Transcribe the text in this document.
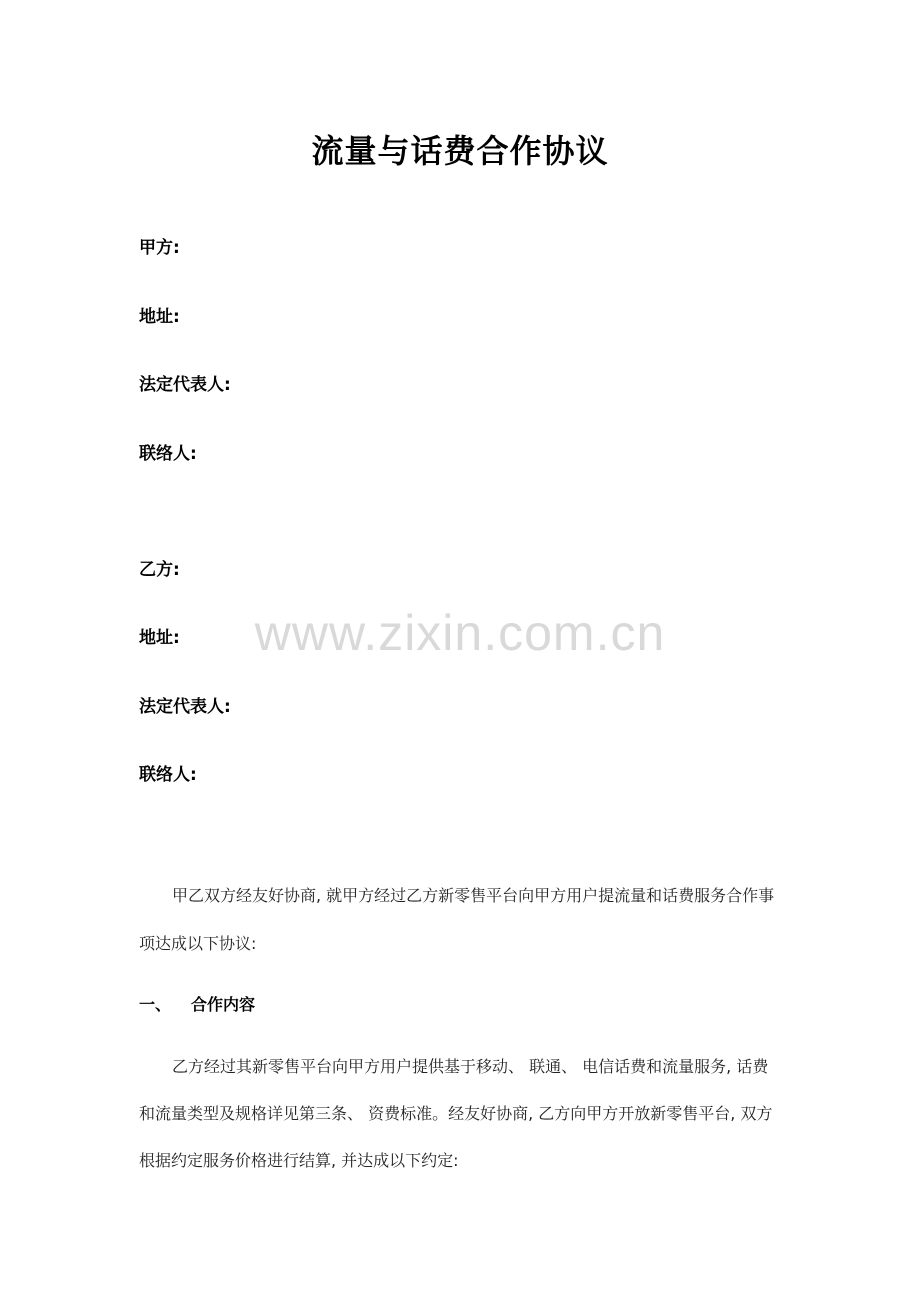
流量与话费合作协议
甲方:
地址:
法定代表人:
联络人:
乙方:
地址:
法定代表人:
联络人:
www.zixin.com.cn
甲乙双方经友好协商, 就甲方经过乙方新零售平台向甲方用户提流量和话费服务合作事
项达成以下协议:
一、 合作内容
乙方经过其新零售平台向甲方用户提供基于移动、 联通、 电信话费和流量服务, 话费
和流量类型及规格详见第三条、 资费标准。经友好协商, 乙方向甲方开放新零售平台, 双方
根据约定服务价格进行结算, 并达成以下约定:
